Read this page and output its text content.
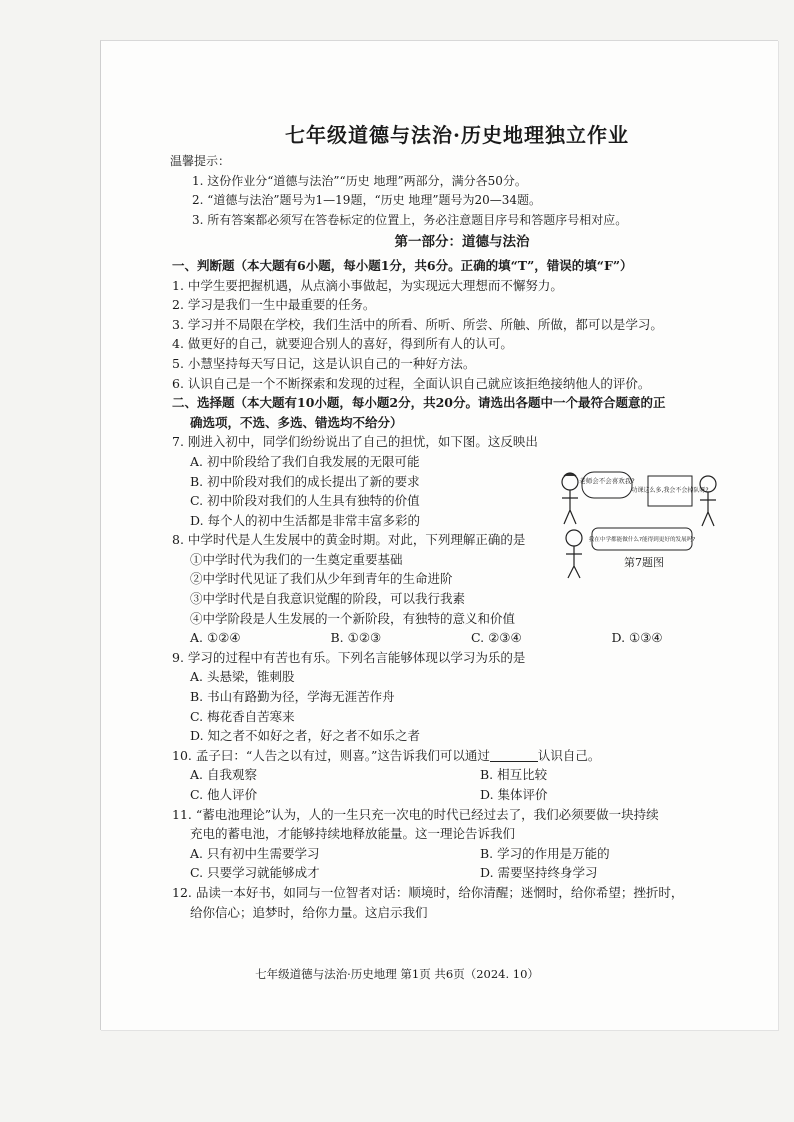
七年级道德与法治·历史地理独立作业
温馨提示：
1. 这份作业分“道德与法治”“历史 地理”两部分，满分各50分。
2. “道德与法治”题号为1—19题，“历史 地理”题号为20—34题。
3. 所有答案都必须写在答卷标定的位置上，务必注意题目序号和答题序号相对应。
第一部分：道德与法治
一、判断题（本大题有6小题，每小题1分，共6分。正确的填“T”，错误的填“F”）
1. 中学生要把握机遇，从点滴小事做起，为实现远大理想而不懈努力。
2. 学习是我们一生中最重要的任务。
3. 学习并不局限在学校，我们生活中的所看、所听、所尝、所触、所做，都可以是学习。
4. 做更好的自己，就要迎合别人的喜好，得到所有人的认可。
5. 小慧坚持每天写日记，这是认识自己的一种好方法。
6. 认识自己是一个不断探索和发现的过程，全面认识自己就应该拒绝接纳他人的评价。
二、选择题（本大题有10小题，每小题2分，共20分。请选出各题中一个最符合题意的正
确选项，不选、多选、错选均不给分）
7. 刚进入初中，同学们纷纷说出了自己的担忧，如下图。这反映出
A. 初中阶段给了我们自我发展的无限可能
B. 初中阶段对我们的成长提出了新的要求
C. 初中阶段对我们的人生具有独特的价值
D. 每个人的初中生活都是非常丰富多彩的
8. 中学时代是人生发展中的黄金时期。对此，下列理解正确的是
①中学时代为我们的一生奠定重要基础
②中学时代见证了我们从少年到青年的生命进阶
③中学时代是自我意识觉醒的阶段，可以我行我素
④中学阶段是人生发展的一个新阶段，有独特的意义和价值
A. ①②④	B. ①②③	C. ②③④	D. ①③④
9. 学习的过程中有苦也有乐。下列名言能够体现以学习为乐的是
A. 头悬梁，锥刺股
B. 书山有路勤为径，学海无涯苦作舟
C. 梅花香自苦寒来
D. 知之者不如好之者，好之者不如乐之者
10. 孟子曰：“人告之以有过，则喜。”这告诉我们可以通过	认识自己。
A. 自我观察	B. 相互比较
C. 他人评价	D. 集体评价
11. “蓄电池理论”认为，人的一生只充一次电的时代已经过去了，我们必须要做一块持续
充电的蓄电池，才能够持续地释放能量。这一理论告诉我们
A. 只有初中生需要学习	B. 学习的作用是万能的
C. 只要学习就能够成才	D. 需要坚持终身学习
12. 品读一本好书，如同与一位智者对话：顺境时，给你清醒；迷惘时，给你希望；挫折时，
给你信心；追梦时，给你力量。这启示我们
老师会不会喜欢我?
功课这么多,我会不会掉队呀?
我在中学都能做什么?能得到更好的发展吗?
第7题图
七年级道德与法治·历史地理 第1页 共6页（2024. 10）
